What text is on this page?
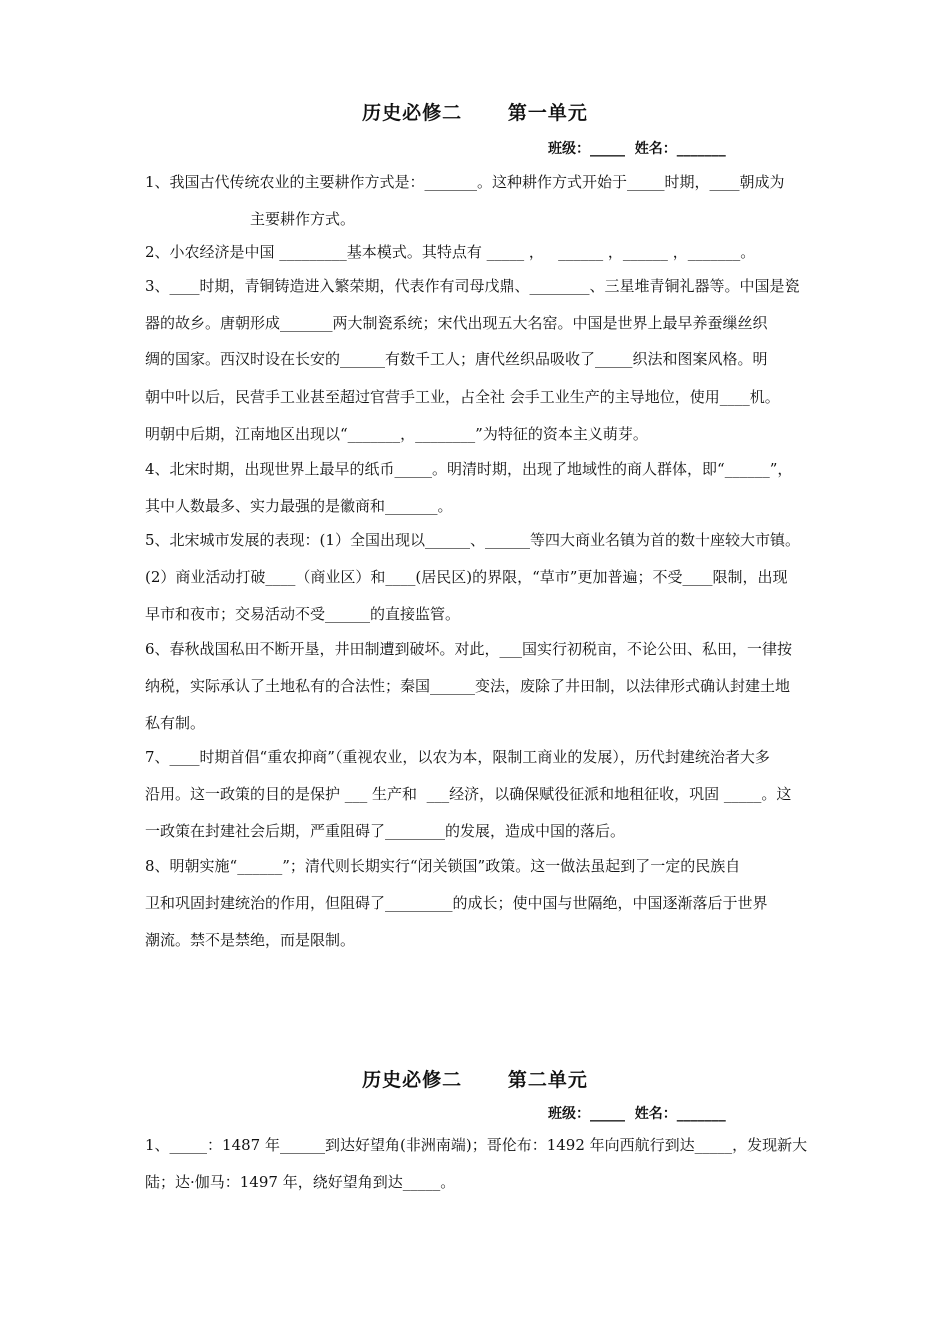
历史必修二      第一单元
班级：_____  姓名：_______
1、我国古代传统农业的主要耕作方式是：_______。这种耕作方式开始于_____时期，____朝成为
主要耕作方式。
2、小农经济是中国 _________基本模式。其特点有 _____ ，   ______ ，______ ，_______。
3、____时期，青铜铸造进入繁荣期，代表作有司母戊鼎、________、三星堆青铜礼器等。中国是瓷
器的故乡。唐朝形成_______两大制瓷系统；宋代出现五大名窑。中国是世界上最早养蚕缫丝织
绸的国家。西汉时设在长安的______有数千工人；唐代丝织品吸收了_____织法和图案风格。明
朝中叶以后，民营手工业甚至超过官营手工业，占全社 会手工业生产的主导地位，使用____机。
明朝中后期，江南地区出现以“_______，________”为特征的资本主义萌芽。
4、北宋时期，出现世界上最早的纸币_____。明清时期，出现了地域性的商人群体，即“______”，
其中人数最多、实力最强的是徽商和_______。
5、北宋城市发展的表现：(1）全国出现以______、______等四大商业名镇为首的数十座较大市镇。
(2）商业活动打破____（商业区）和____(居民区)的界限，“草市”更加普遍；不受____限制，出现
早市和夜市；交易活动不受______的直接监管。
6、春秋战国私田不断开垦，井田制遭到破坏。对此，___国实行初税亩，不论公田、私田，一律按
纳税，实际承认了土地私有的合法性；秦国______变法，废除了井田制，以法律形式确认封建土地
私有制。
7、____时期首倡“重农抑商”（重视农业，以农为本，限制工商业的发展），历代封建统治者大多
沿用。这一政策的目的是保护 ___ 生产和  ___经济，以确保赋役征派和地租征收，巩固 _____。这
一政策在封建社会后期，严重阻碍了________的发展，造成中国的落后。
8、明朝实施“______”；清代则长期实行“闭关锁国”政策。这一做法虽起到了一定的民族自
卫和巩固封建统治的作用，但阻碍了_________的成长；使中国与世隔绝，中国逐渐落后于世界
潮流。禁不是禁绝，而是限制。
历史必修二      第二单元
班级：_____  姓名：_______
1、_____：1487 年______到达好望角(非洲南端)；哥伦布：1492 年向西航行到达_____，发现新大
陆；达·伽马：1497 年，绕好望角到达_____。
